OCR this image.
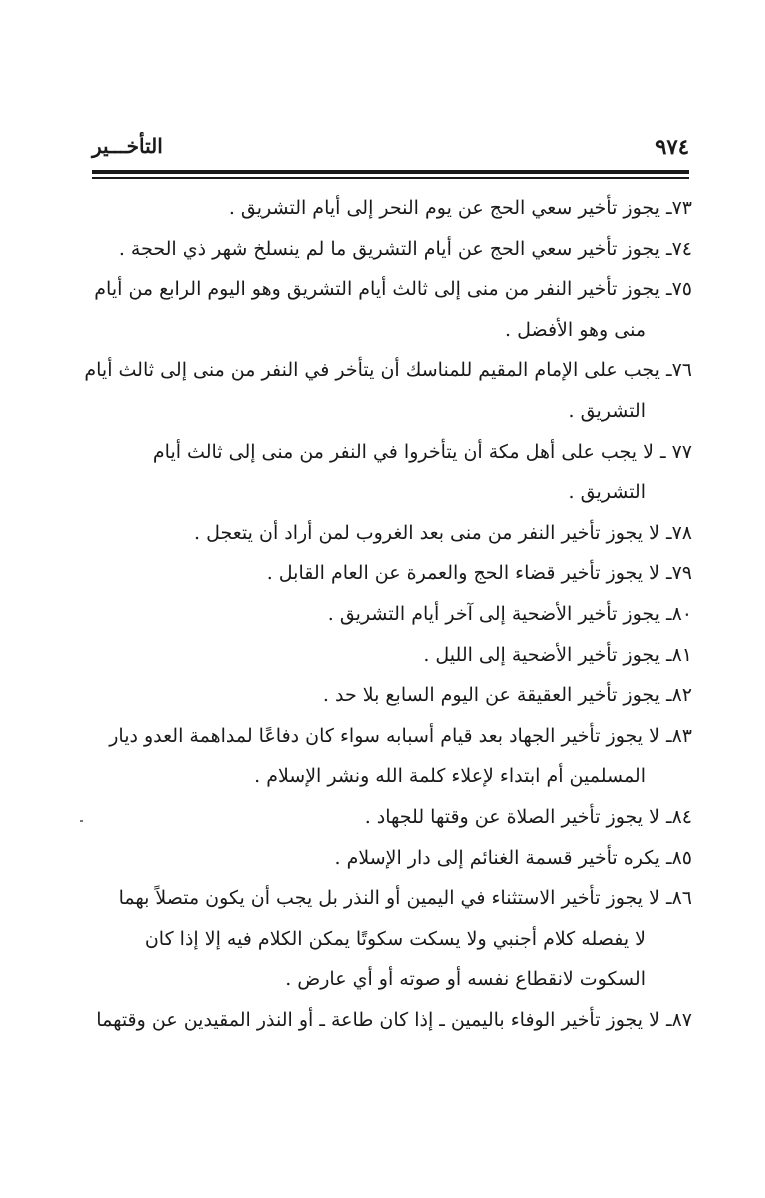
٩٧٤
التأخـــير

٧٣ـ يجوز تأخير سعي الحج عن يوم النحر إلى أيام التشريق .

٧٤ـ يجوز تأخير سعي الحج عن أيام التشريق ما لم ينسلخ شهر ذي الحجة .

٧٥ـ يجوز تأخير النفر من منى إلى ثالث أيام التشريق وهو اليوم الرابع من أيام
منى وهو الأفضل .

٧٦ـ يجب على الإمام المقيم للمناسك أن يتأخر في النفر من منى إلى ثالث أيام
التشريق .

٧٧ ـ لا يجب على أهل مكة أن يتأخروا في النفر من منى إلى ثالث أيام
التشريق .

٧٨ـ لا يجوز تأخير النفر من منى بعد الغروب لمن أراد أن يتعجل .

٧٩ـ لا يجوز تأخير قضاء الحج والعمرة عن العام القابل .

٨٠ـ يجوز تأخير الأضحية إلى آخر أيام التشريق .

٨١ـ يجوز تأخير الأضحية إلى الليل .

٨٢ـ يجوز تأخير العقيقة عن اليوم السابع بلا حد .

٨٣ـ لا يجوز تأخير الجهاد بعد قيام أسبابه سواء كان دفاعًا لمداهمة العدو ديار
المسلمين أم ابتداء لإعلاء كلمة الله ونشر الإسلام .

٨٤ـ لا يجوز تأخير الصلاة عن وقتها للجهاد .

٨٥ـ يكره تأخير قسمة الغنائم إلى دار الإسلام .

٨٦ـ لا يجوز تأخير الاستثناء في اليمين أو النذر بل يجب أن يكون متصلاً بهما
لا يفصله كلام أجنبي ولا يسكت سكوتًا يمكن الكلام فيه إلا إذا كان
السكوت لانقطاع نفسه أو صوته أو أي عارض .

٨٧ـ لا يجوز تأخير الوفاء باليمين ـ إذا كان طاعة ـ أو النذر المقيدين عن وقتهما
